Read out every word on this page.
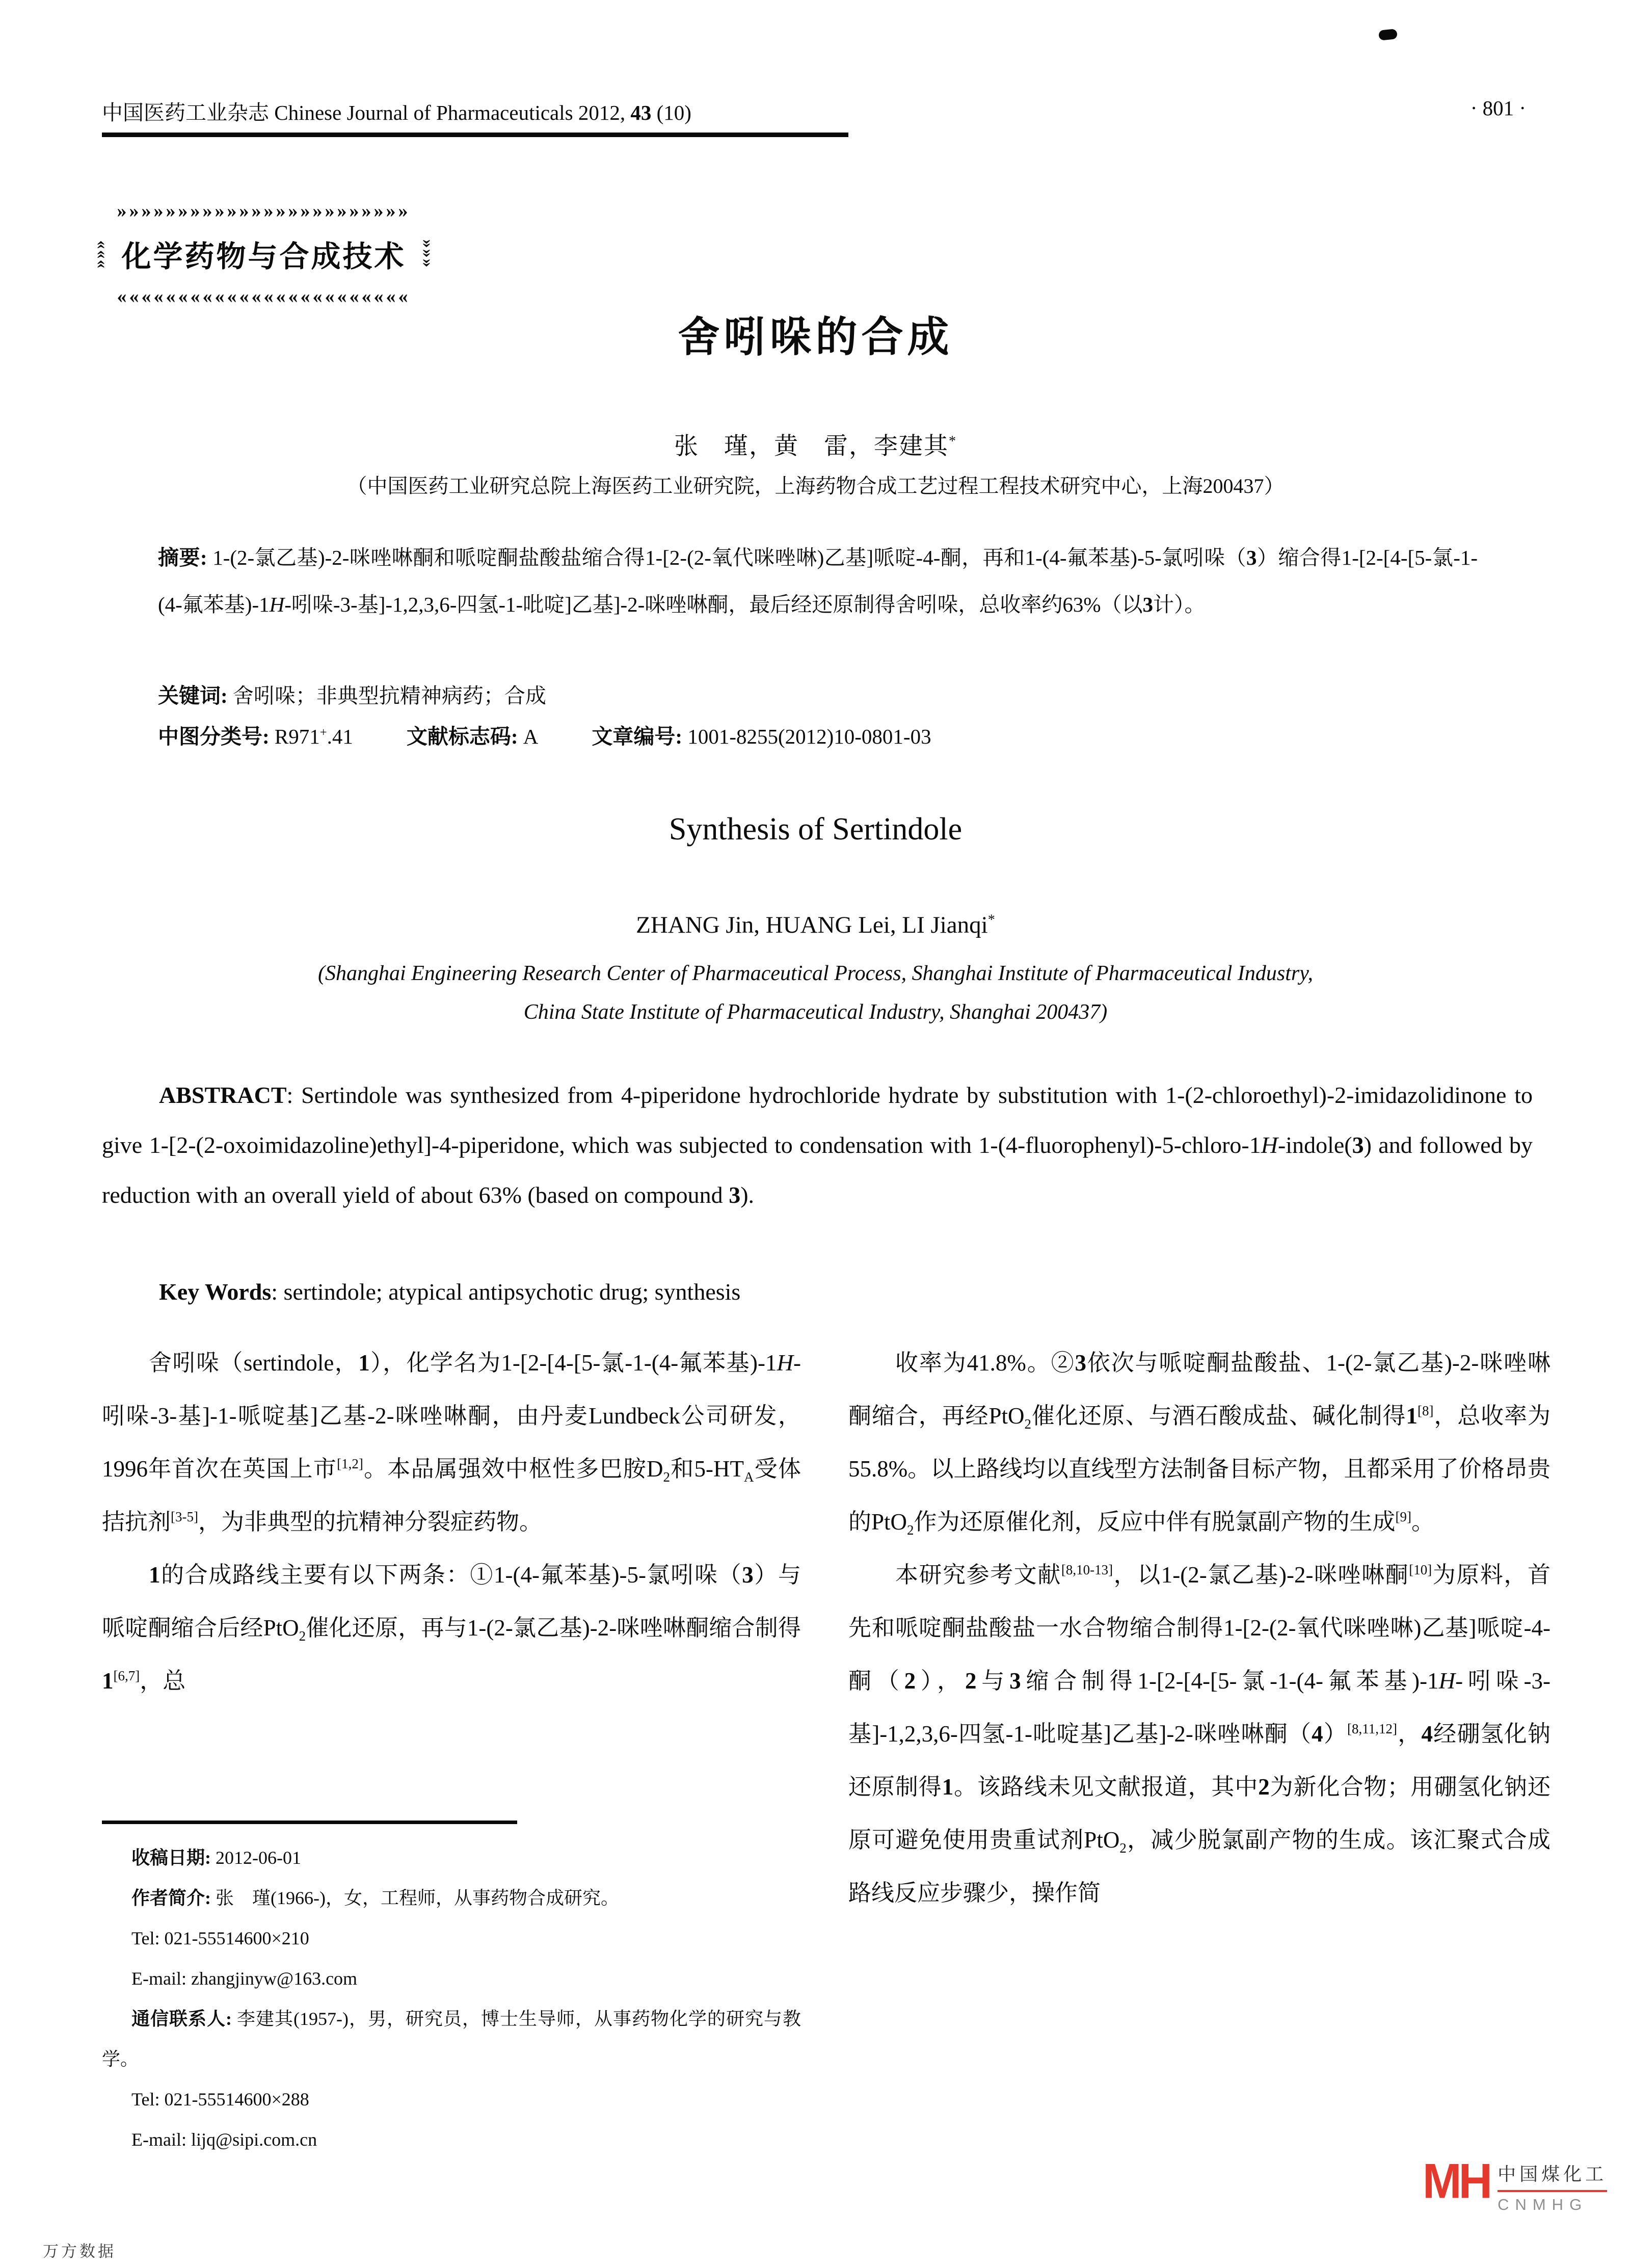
中国医药工业杂志 Chinese Journal of Pharmaceuticals 2012, 43 (10)	· 801 ·
»»»»»»»»»»»»»»»»»»»»»»»»
»»»	»»»
化学药物与合成技术
««««««««««««««««««««««««
舍吲哚的合成
张　瑾，黄　雷，李建其*
（中国医药工业研究总院上海医药工业研究院，上海药物合成工艺过程工程技术研究中心，上海200437）
摘要: 1-(2-氯乙基)-2-咪唑啉酮和哌啶酮盐酸盐缩合得1-[2-(2-氧代咪唑啉)乙基]哌啶-4-酮，再和1-(4-氟苯基)-5-氯吲哚（3）缩合得1-[2-[4-[5-氯-1-(4-氟苯基)-1H-吲哚-3-基]-1,2,3,6-四氢-1-吡啶]乙基]-2-咪唑啉酮，最后经还原制得舍吲哚，总收率约63%（以3计）。
关键词: 舍吲哚；非典型抗精神病药；合成
中图分类号: R971+.41	文献标志码: A	文章编号: 1001-8255(2012)10-0801-03
Synthesis of Sertindole
ZHANG Jin, HUANG Lei, LI Jianqi*
(Shanghai Engineering Research Center of Pharmaceutical Process, Shanghai Institute of Pharmaceutical Industry,
China State Institute of Pharmaceutical Industry, Shanghai 200437)
ABSTRACT: Sertindole was synthesized from 4-piperidone hydrochloride hydrate by substitution with 1-(2-chloroethyl)-2-imidazolidinone to give 1-[2-(2-oxoimidazoline)ethyl]-4-piperidone, which was subjected to condensation with 1-(4-fluorophenyl)-5-chloro-1H-indole(3) and followed by reduction with an overall yield of about 63% (based on compound 3).
Key Words: sertindole; atypical antipsychotic drug; synthesis

舍吲哚（sertindole，1），化学名为1-[2-[4-[5-氯-1-(4-氟苯基)-1H-吲哚-3-基]-1-哌啶基]乙基-2-咪唑啉酮，由丹麦Lundbeck公司研发，1996年首次在英国上市[1,2]。本品属强效中枢性多巴胺$D_2$和$5-HT_A$受体拮抗剂[3-5]，为非典型的抗精神分裂症药物。

1的合成路线主要有以下两条：①1-(4-氟苯基)-5-氯吲哚（3）与哌啶酮缩合后经PtO$_2$催化还原，再与1-(2-氯乙基)-2-咪唑啉酮缩合制得1[6,7]，总

收率为41.8%。②3依次与哌啶酮盐酸盐、1-(2-氯乙基)-2-咪唑啉酮缩合，再经PtO$_2$催化还原、与酒石酸成盐、碱化制得1[8]，总收率为55.8%。以上路线均以直线型方法制备目标产物，且都采用了价格昂贵的PtO$_2$作为还原催化剂，反应中伴有脱氯副产物的生成[9]。

本研究参考文献[8,10-13]，以1-(2-氯乙基)-2-咪唑啉酮[10]为原料，首先和哌啶酮盐酸盐一水合物缩合制得1-[2-(2-氧代咪唑啉)乙基]哌啶-4-酮（2），2与3缩合制得1-[2-[4-[5-氯-1-(4-氟苯基)-1H-吲哚-3-基]-1,2,3,6-四氢-1-吡啶基]乙基]-2-咪唑啉酮（4）[8,11,12]，4经硼氢化钠还原制得1。该路线未见文献报道，其中2为新化合物；用硼氢化钠还原可避免使用贵重试剂PtO$_2$，减少脱氯副产物的生成。该汇聚式合成路线反应步骤少，操作简

收稿日期: 2012-06-01

作者简介: 张　瑾(1966-)，女，工程师，从事药物合成研究。

Tel: 021-55514600×210

E-mail: zhangjinyw@163.com

通信联系人: 李建其(1957-)，男，研究员，博士生导师，从事药物化学的研究与教学。

Tel: 021-55514600×288

E-mail: lijq@sipi.com.cn

万方数据
MH 中国煤化工
CNMHG
